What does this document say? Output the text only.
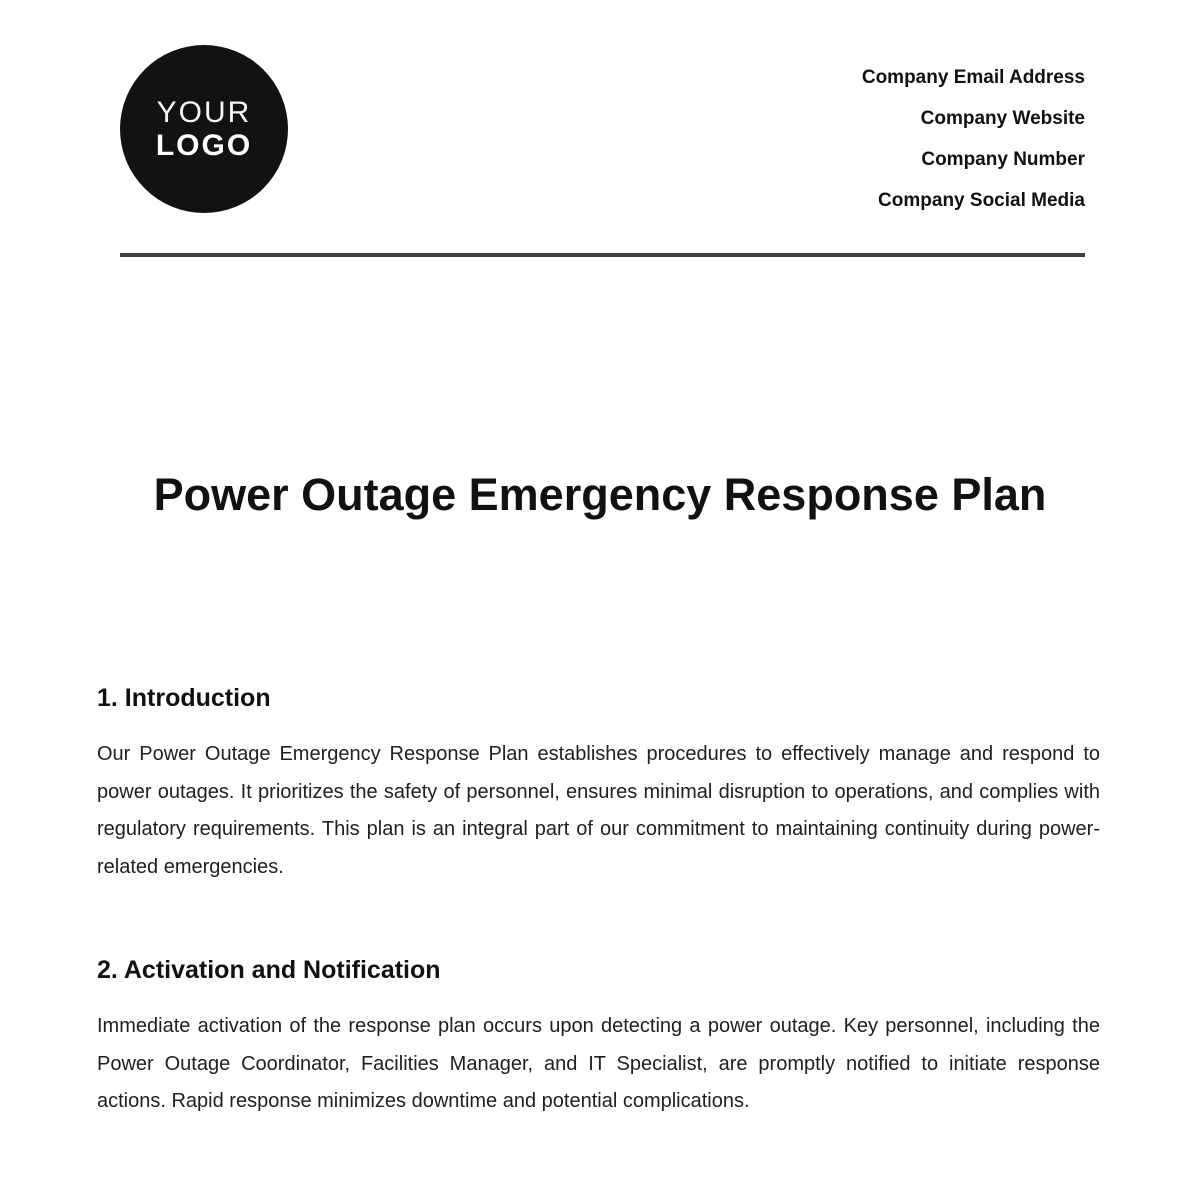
YOUR
LOGO
Company Email Address
Company Website
Company Number
Company Social Media
Power Outage Emergency Response Plan
1. Introduction

Our Power Outage Emergency Response Plan establishes procedures to effectively manage and respond to power outages. It prioritizes the safety of personnel, ensures minimal disruption to operations, and complies with regulatory requirements. This plan is an integral part of our commitment to maintaining continuity during power-related emergencies.

2. Activation and Notification

Immediate activation of the response plan occurs upon detecting a power outage. Key personnel, including the Power Outage Coordinator, Facilities Manager, and IT Specialist, are promptly notified to initiate response actions. Rapid response minimizes downtime and potential complications.
